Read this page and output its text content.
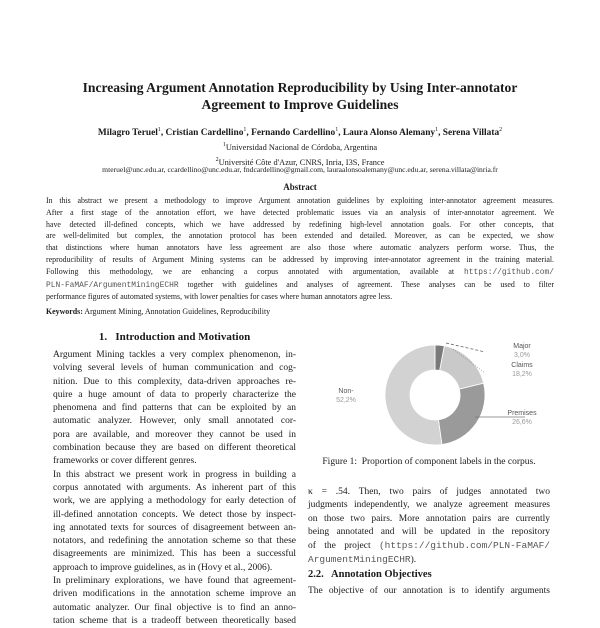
Increasing Argument Annotation Reproducibility by Using Inter-annotator
Agreement to Improve Guidelines
Milagro Teruel$^1$, Cristian Cardellino$^1$, Fernando Cardellino$^1$, Laura Alonso Alemany$^1$, Serena Villata$^2$
$^1$Universidad Nacional de Córdoba, Argentina
$^2$Université Côte d'Azur, CNRS, Inria, I3S, France
mteruel@unc.edu.ar, ccardellino@unc.edu.ar, fndcardellino@gmail.com, lauraalonsoalemany@unc.edu.ar, serena.villata@inria.fr
Abstract
In this abstract we present a methodology to improve Argument annotation guidelines by exploiting inter-annotator agreement measures.
After a first stage of the annotation effort, we have detected problematic issues via an analysis of inter-annotator agreement. We
have detected ill-defined concepts, which we have addressed by redefining high-level annotation goals. For other concepts, that
are well-delimited but complex, the annotation protocol has been extended and detailed. Moreover, as can be expected, we show
that distinctions where human annotators have less agreement are also those where automatic analyzers perform worse. Thus, the
reproducibility of results of Argument Mining systems can be addressed by improving inter-annotator agreement in the training material.
Following this methodology, we are enhancing a corpus annotated with argumentation, available at https://github.com/
PLN-FaMAF/ArgumentMiningECHR together with guidelines and analyses of agreement. These analyses can be used to filter
performance figures of automated systems, with lower penalties for cases where human annotators agree less.
Keywords: Argument Mining, Annotation Guidelines, Reproducibility
1.   Introduction and Motivation
Argument Mining tackles a very complex phenomenon, in-
volving several levels of human communication and cog-
nition. Due to this complexity, data-driven approaches re-
quire a huge amount of data to properly characterize the
phenomena and find patterns that can be exploited by an
automatic analyzer. However, only small annotated cor-
pora are available, and moreover they cannot be used in
combination because they are based on different theoretical
frameworks or cover different genres.
In this abstract we present work in progress in building a
corpus annotated with arguments. As inherent part of this
work, we are applying a methodology for early detection of
ill-defined annotation concepts. We detect those by inspect-
ing annotated texts for sources of disagreement between an-
notators, and redefining the annotation scheme so that these
disagreements are minimized. This has been a successful
approach to improve guidelines, as in (Hovy et al., 2006).
In preliminary explorations, we have found that agreement-
driven modifications in the annotation scheme improve an
automatic analyzer. Our final objective is to find an anno-
tation scheme that is a tradeoff between theoretically based
Major
3,0%
Claims
18,2%
Premises
26,6%
Non-
52,2%
Figure 1:  Proportion of component labels in the corpus.
κ = .54. Then, two pairs of judges annotated two
judgments independently, we analyze agreement measures
on those two pairs. More annotation pairs are currently
being annotated and will be updated in the repository
of the project (https://github.com/PLN-FaMAF/
ArgumentMiningECHR).
2.2.   Annotation Objectives
The objective of our annotation is to identify arguments
